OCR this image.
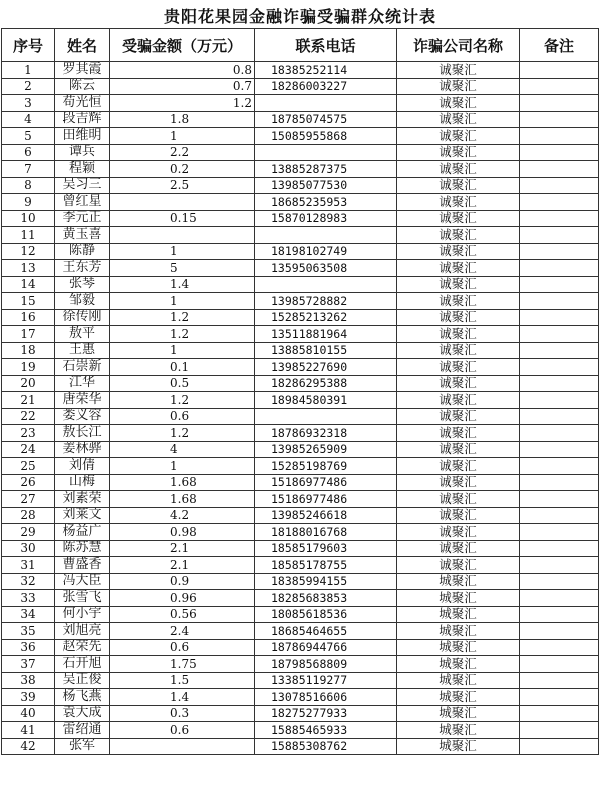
贵阳花果园金融诈骗受骗群众统计表
序号	姓名	受骗金额（万元）	联系电话	诈骗公司名称	备注
1	罗其霞	0.8	18385252114	诚聚汇	
2	陈云	0.7	18286003227	诚聚汇	
3	苟光恒	1.2		诚聚汇	
4	段吉辉	1.8	18785074575	诚聚汇	
5	田维明	1	15085955868	诚聚汇	
6	谭兵	2.2		诚聚汇	
7	程颖	0.2	13885287375	诚聚汇	
8	吴习三	2.5	13985077530	诚聚汇	
9	曾红星		18685235953	诚聚汇	
10	李元正	0.15	15870128983	诚聚汇	
11	黄玉喜			诚聚汇	
12	陈静	1	18198102749	诚聚汇	
13	王东芳	5	13595063508	诚聚汇	
14	张琴	1.4		诚聚汇	
15	邹毅	1	13985728882	诚聚汇	
16	徐传刚	1.2	15285213262	诚聚汇	
17	敖平	1.2	13511881964	诚聚汇	
18	王惠	1	13885810155	诚聚汇	
19	石崇新	0.1	13985227690	诚聚汇	
20	江华	0.5	18286295388	诚聚汇	
21	唐荣华	1.2	18984580391	诚聚汇	
22	娄义容	0.6		诚聚汇	
23	敖长江	1.2	18786932318	诚聚汇	
24	姜林骅	4	13985265909	诚聚汇	
25	刘倩	1	15285198769	诚聚汇	
26	山梅	1.68	15186977486	诚聚汇	
27	刘素荣	1.68	15186977486	诚聚汇	
28	刘莱文	4.2	13985246618	诚聚汇	
29	杨益广	0.98	18188016768	诚聚汇	
30	陈苏慧	2.1	18585179603	诚聚汇	
31	曹盛香	2.1	18585178755	诚聚汇	
32	冯大臣	0.9	18385994155	城聚汇	
33	张雪飞	0.96	18285683853	城聚汇	
34	何小宇	0.56	18085618536	城聚汇	
35	刘旭亮	2.4	18685464655	城聚汇	
36	赵荣先	0.6	18786944766	城聚汇	
37	石开旭	1.75	18798568809	城聚汇	
38	吴正俊	1.5	13385119277	城聚汇	
39	杨飞燕	1.4	13078516606	城聚汇	
40	袁大成	0.3	18275277933	城聚汇	
41	雷绍通	0.6	15885465933	城聚汇	
42	张军		15885308762	城聚汇	
